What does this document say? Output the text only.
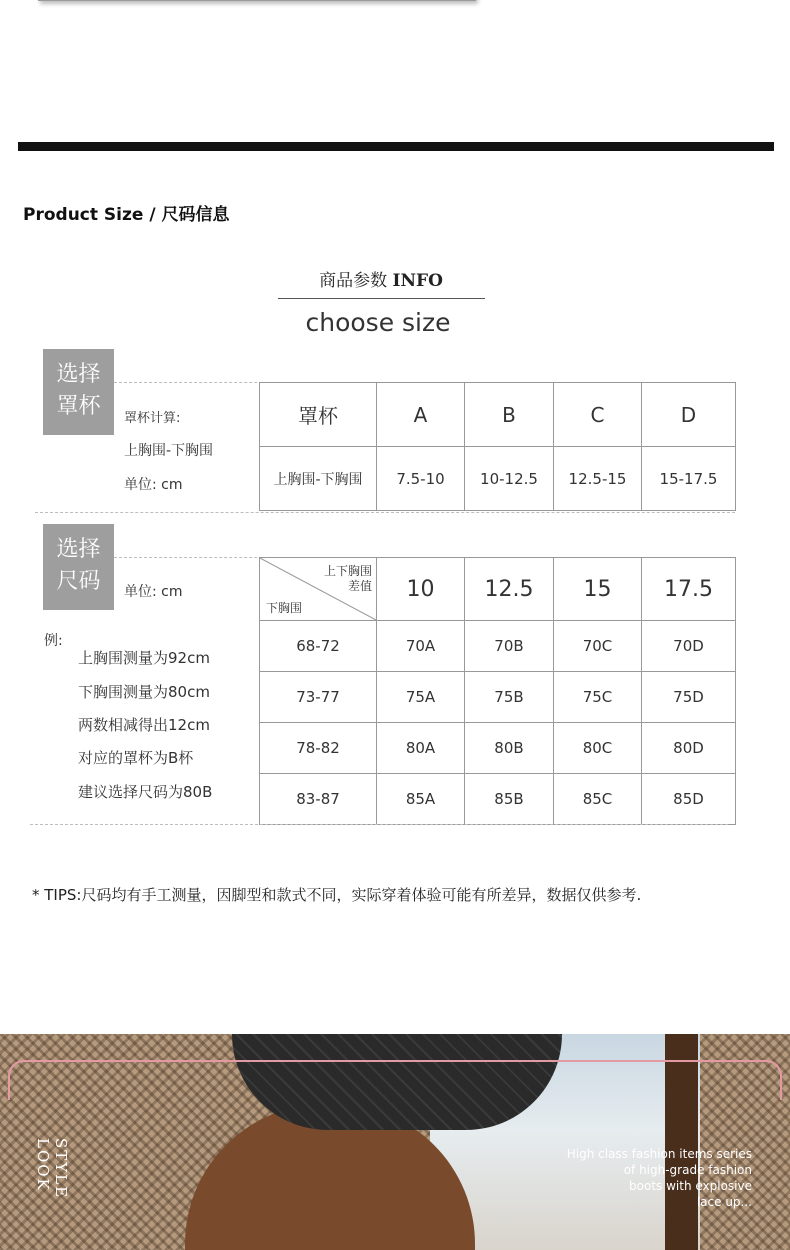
Product Size / 尺码信息
商品参数 INFO
choose size
选择
罩杯	罩杯计算:
上胸围-下胸围
单位: cm
罩杯	A	B	C	D
上胸围-下胸围	7.5-10	10-12.5	12.5-15	15-17.5
选择
尺码	单位: cm
例:
上胸围测量为92cm
下胸围测量为80cm
两数相减得出12cm
对应的罩杯为B杯
建议选择尺码为80B
上下胸围
差值
下胸围	10	12.5	15	17.5
68-72	70A	70B	70C	70D
73-77	75A	75B	75C	75D
78-82	80A	80B	80C	80D
83-87	85A	85B	85C	85D
* TIPS:尺码均有手工测量，因脚型和款式不同，实际穿着体验可能有所差异，数据仅供参考.
STYLE LOOK	High class fashion items series
of high-grade fashion
boots with explosive
lace up...
